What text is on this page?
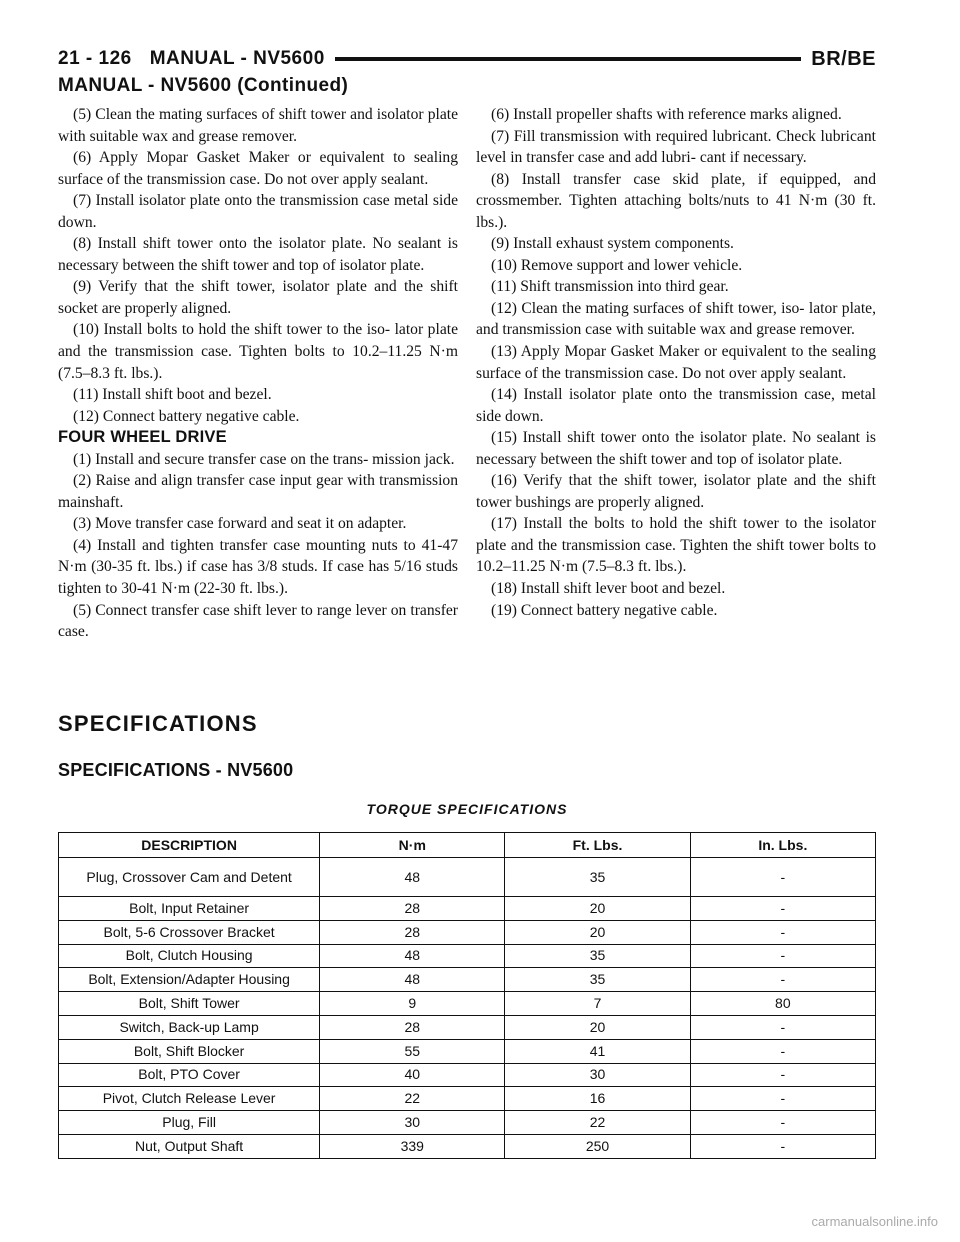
21 - 126 MANUAL - NV5600	BR/BE
MANUAL - NV5600 (Continued)

(5) Clean the mating surfaces of shift tower and isolator plate with suitable wax and grease remover.

(6) Apply Mopar Gasket Maker or equivalent to sealing surface of the transmission case. Do not over apply sealant.

(7) Install isolator plate onto the transmission case metal side down.

(8) Install shift tower onto the isolator plate. No sealant is necessary between the shift tower and top of isolator plate.

(9) Verify that the shift tower, isolator plate and the shift socket are properly aligned.

(10) Install bolts to hold the shift tower to the iso- lator plate and the transmission case. Tighten bolts to 10.2–11.25 N·m (7.5–8.3 ft. lbs.).

(11) Install shift boot and bezel.

(12) Connect battery negative cable.

FOUR WHEEL DRIVE

(1) Install and secure transfer case on the trans- mission jack.

(2) Raise and align transfer case input gear with transmission mainshaft.

(3) Move transfer case forward and seat it on adapter.

(4) Install and tighten transfer case mounting nuts to 41-47 N·m (30-35 ft. lbs.) if case has 3/8 studs. If case has 5/16 studs tighten to 30-41 N·m (22-30 ft. lbs.).

(5) Connect transfer case shift lever to range lever on transfer case.

(6) Install propeller shafts with reference marks aligned.

(7) Fill transmission with required lubricant. Check lubricant level in transfer case and add lubri- cant if necessary.

(8) Install transfer case skid plate, if equipped, and crossmember. Tighten attaching bolts/nuts to 41 N·m (30 ft. lbs.).

(9) Install exhaust system components.

(10) Remove support and lower vehicle.

(11) Shift transmission into third gear.

(12) Clean the mating surfaces of shift tower, iso- lator plate, and transmission case with suitable wax and grease remover.

(13) Apply Mopar Gasket Maker or equivalent to the sealing surface of the transmission case. Do not over apply sealant.

(14) Install isolator plate onto the transmission case, metal side down.

(15) Install shift tower onto the isolator plate. No sealant is necessary between the shift tower and top of isolator plate.

(16) Verify that the shift tower, isolator plate and the shift tower bushings are properly aligned.

(17) Install the bolts to hold the shift tower to the isolator plate and the transmission case. Tighten the shift tower bolts to 10.2–11.25 N·m (7.5–8.3 ft. lbs.).

(18) Install shift lever boot and bezel.

(19) Connect battery negative cable.

SPECIFICATIONS
SPECIFICATIONS - NV5600
TORQUE SPECIFICATIONS
DESCRIPTION	N·m	Ft. Lbs.	In. Lbs.
Plug, Crossover Cam and Detent	48	35	-
Bolt, Input Retainer	28	20	-
Bolt, 5-6 Crossover Bracket	28	20	-
Bolt, Clutch Housing	48	35	-
Bolt, Extension/Adapter Housing	48	35	-
Bolt, Shift Tower	9	7	80
Switch, Back-up Lamp	28	20	-
Bolt, Shift Blocker	55	41	-
Bolt, PTO Cover	40	30	-
Pivot, Clutch Release Lever	22	16	-
Plug, Fill	30	22	-
Nut, Output Shaft	339	250	-
carmanualsonline.info
